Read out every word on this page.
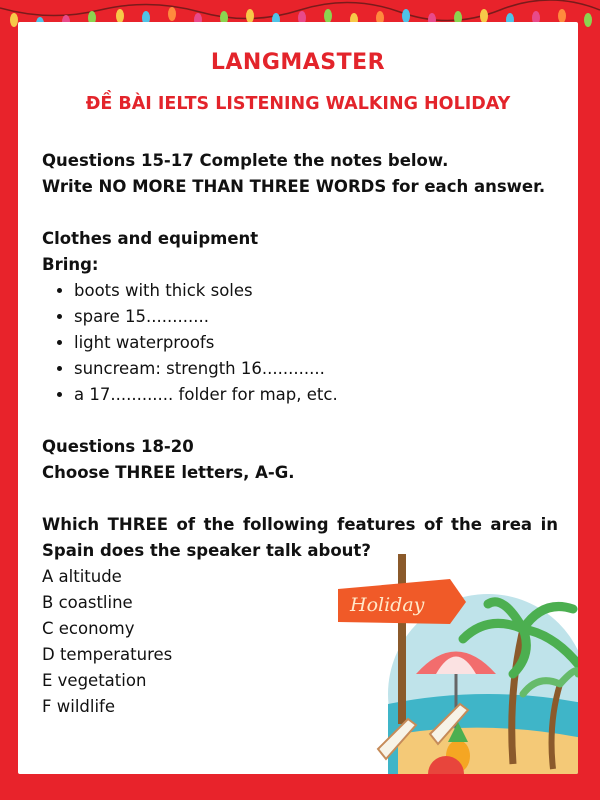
LANGMASTER
ĐỀ BÀI IELTS LISTENING WALKING HOLIDAY
Questions 15-17 Complete the notes below.
Write NO MORE THAN THREE WORDS for each answer.
Clothes and equipment
Bring:
• boots with thick soles
• spare 15............
• light waterproofs
• suncream: strength 16............
• a 17............ folder for map, etc.
Questions 18-20
Choose THREE letters, A-G.
Which THREE of the following features of the area in Spain does the speaker talk about?
A altitude
B coastline
C economy
D temperatures
E vegetation
F wildlife
Holiday
